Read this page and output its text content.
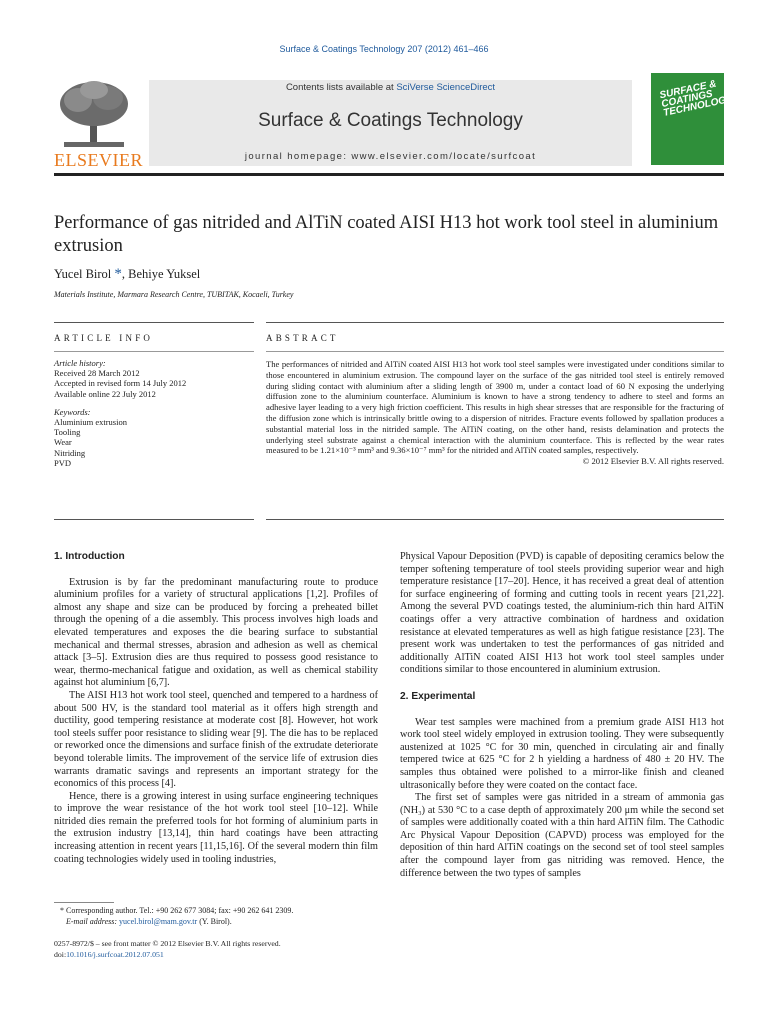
Surface & Coatings Technology 207 (2012) 461–466
ELSEVIER
Contents lists available at SciVerse ScienceDirect
Surface & Coatings Technology
journal homepage: www.elsevier.com/locate/surfcoat
SURFACE & COATINGS TECHNOLOGY
Performance of gas nitrided and AlTiN coated AISI H13 hot work tool steel in aluminium extrusion
Yucel Birol *, Behiye Yuksel
Materials Institute, Marmara Research Centre, TUBITAK, Kocaeli, Turkey
ARTICLE INFO	ABSTRACT
Article history:
Received 28 March 2012
Accepted in revised form 14 July 2012
Available online 22 July 2012
Keywords:
Aluminium extrusion
Tooling
Wear
Nitriding
PVD
The performances of nitrided and AlTiN coated AISI H13 hot work tool steel samples were investigated under conditions similar to those encountered in aluminium extrusion. The compound layer on the surface of the gas nitrided tool steel is entirely removed during sliding contact with aluminium after a sliding length of 3900 m, under a contact load of 60 N exposing the underlying diffusion zone to the aluminium counterface. Aluminium is known to have a strong tendency to adhere to steel and forms an adhesive layer leading to a very high friction coefficient. This results in high shear stresses that are responsible for the fracturing of the diffusion zone which is intrinsically brittle owing to a dispersion of nitrides. Fracture events followed by spallation produces a substantial material loss in the nitrided sample. The AlTiN coating, on the other hand, resists delamination and protects the underlying steel substrate against a chemical interaction with the aluminium counterface. This is reflected by the wear rates measured to be 1.21×10⁻³ mm³ and 9.36×10⁻⁷ mm³ for the nitrided and AlTiN coated samples, respectively.
© 2012 Elsevier B.V. All rights reserved.
1. Introduction

Extrusion is by far the predominant manufacturing route to produce aluminium profiles for a variety of structural applications [1,2]. Profiles of almost any shape and size can be produced by forcing a preheated billet through the opening of a die assembly. This process involves high loads and elevated temperatures and exposes the die bearing surface to substantial mechanical and thermal stresses, abrasion and adhesion as well as chemical attack [3–5]. Extrusion dies are thus required to possess good resistance to wear, thermo-mechanical fatigue and oxidation, as well as chemical stability against hot aluminium [6,7].

The AISI H13 hot work tool steel, quenched and tempered to a hardness of about 500 HV, is the standard tool material as it offers high strength and ductility, good tempering resistance at moderate cost [8]. However, hot work tool steels suffer poor resistance to sliding wear [9]. The die has to be replaced or reworked once the dimensions and surface finish of the extrudate deteriorate beyond tolerable limits. The improvement of the service life of extrusion dies warrants dramatic savings and represents an important strategy for the economics of this process [4].

Hence, there is a growing interest in using surface engineering techniques to improve the wear resistance of the hot work tool steel [10–12]. While nitrided dies remain the preferred tools for hot forming of aluminium parts in the extrusion industry [13,14], thin hard coatings have been attracting increasing attention in recent years [11,15,16]. Of the several modern thin film coating technologies widely used in tooling industries,

Physical Vapour Deposition (PVD) is capable of depositing ceramics below the temper softening temperature of tool steels providing superior wear and high temperature resistance [17–20]. Hence, it has received a great deal of attention for surface engineering of forming and cutting tools in recent years [21,22]. Among the several PVD coatings tested, the aluminium-rich thin hard AlTiN coatings offer a very attractive combination of hardness and oxidation resistance at elevated temperatures as well as high fatigue resistance [23]. The present work was undertaken to test the performances of gas nitrided and additionally AlTiN coated AISI H13 hot work tool steel samples under conditions similar to those encountered in aluminium extrusion.

2. Experimental

Wear test samples were machined from a premium grade AISI H13 hot work tool steel widely employed in extrusion tooling. They were subsequently austenized at 1025 °C for 30 min, quenched in circulating air and finally tempered twice at 625 °C for 2 h yielding a hardness of 480 ± 20 HV. The samples thus obtained were polished to a mirror-like finish and cleaned ultrasonically before they were coated on the contact face.

The first set of samples were gas nitrided in a stream of ammonia gas (NH₃) at 530 °C to a case depth of approximately 200 μm while the second set of samples were additionally coated with a thin hard AlTiN film. The Cathodic Arc Physical Vapour Deposition (CAPVD) process was employed for the deposition of thin hard AlTiN coatings on the second set of tool steel samples after the compound layer from gas nitriding was removed. Hence, the difference between the two types of samples

* Corresponding author. Tel.: +90 262 677 3084; fax: +90 262 641 2309.
E-mail address: yucel.birol@mam.gov.tr (Y. Birol).
0257-8972/$ – see front matter © 2012 Elsevier B.V. All rights reserved.
doi:10.1016/j.surfcoat.2012.07.051
